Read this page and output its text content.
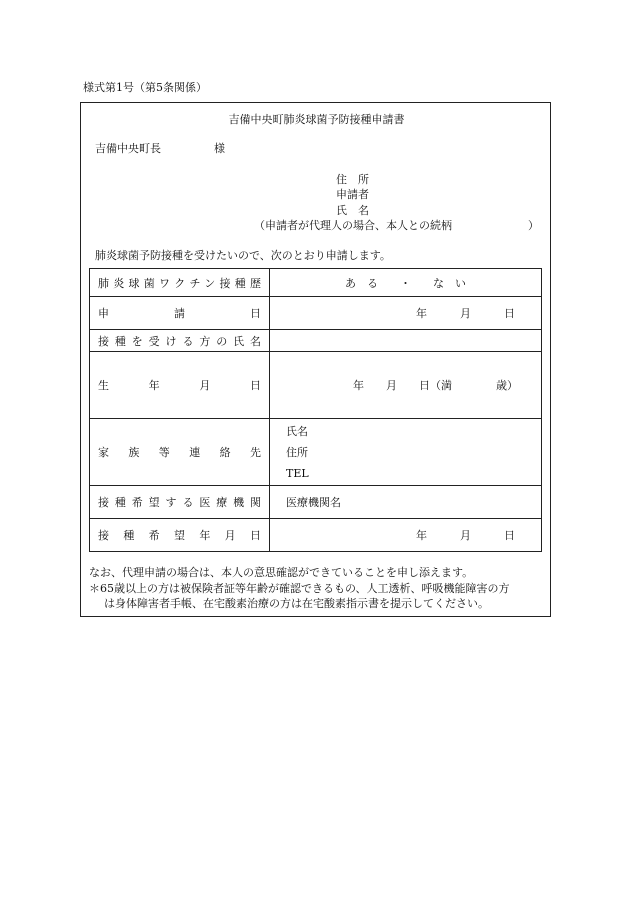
様式第1号（第5条関係）
吉備中央町肺炎球菌予防接種申請書
吉備中央町長	様
住　所
申請者
氏　名
（申請者が代理人の場合、本人との続柄	）
肺炎球菌予防接種を受けたいので、次のとおり申請します。
肺炎球菌ワクチン接種歴	あ　る　　・　　な　い
申請日	年　　　月　　　日
接種を受ける方の氏名	
生年月日	年　　月　　日（満　　　　歳）
家族等連絡先	氏名
住所
TEL

接種希望する医療機関	医療機関名
接種希望年月日	年　　　月　　　日
なお、代理申請の場合は、本人の意思確認ができていることを申し添えます。
＊65歳以上の方は被保険者証等年齢が確認できるもの、人工透析、呼吸機能障害の方
は身体障害者手帳、在宅酸素治療の方は在宅酸素指示書を提示してください。
